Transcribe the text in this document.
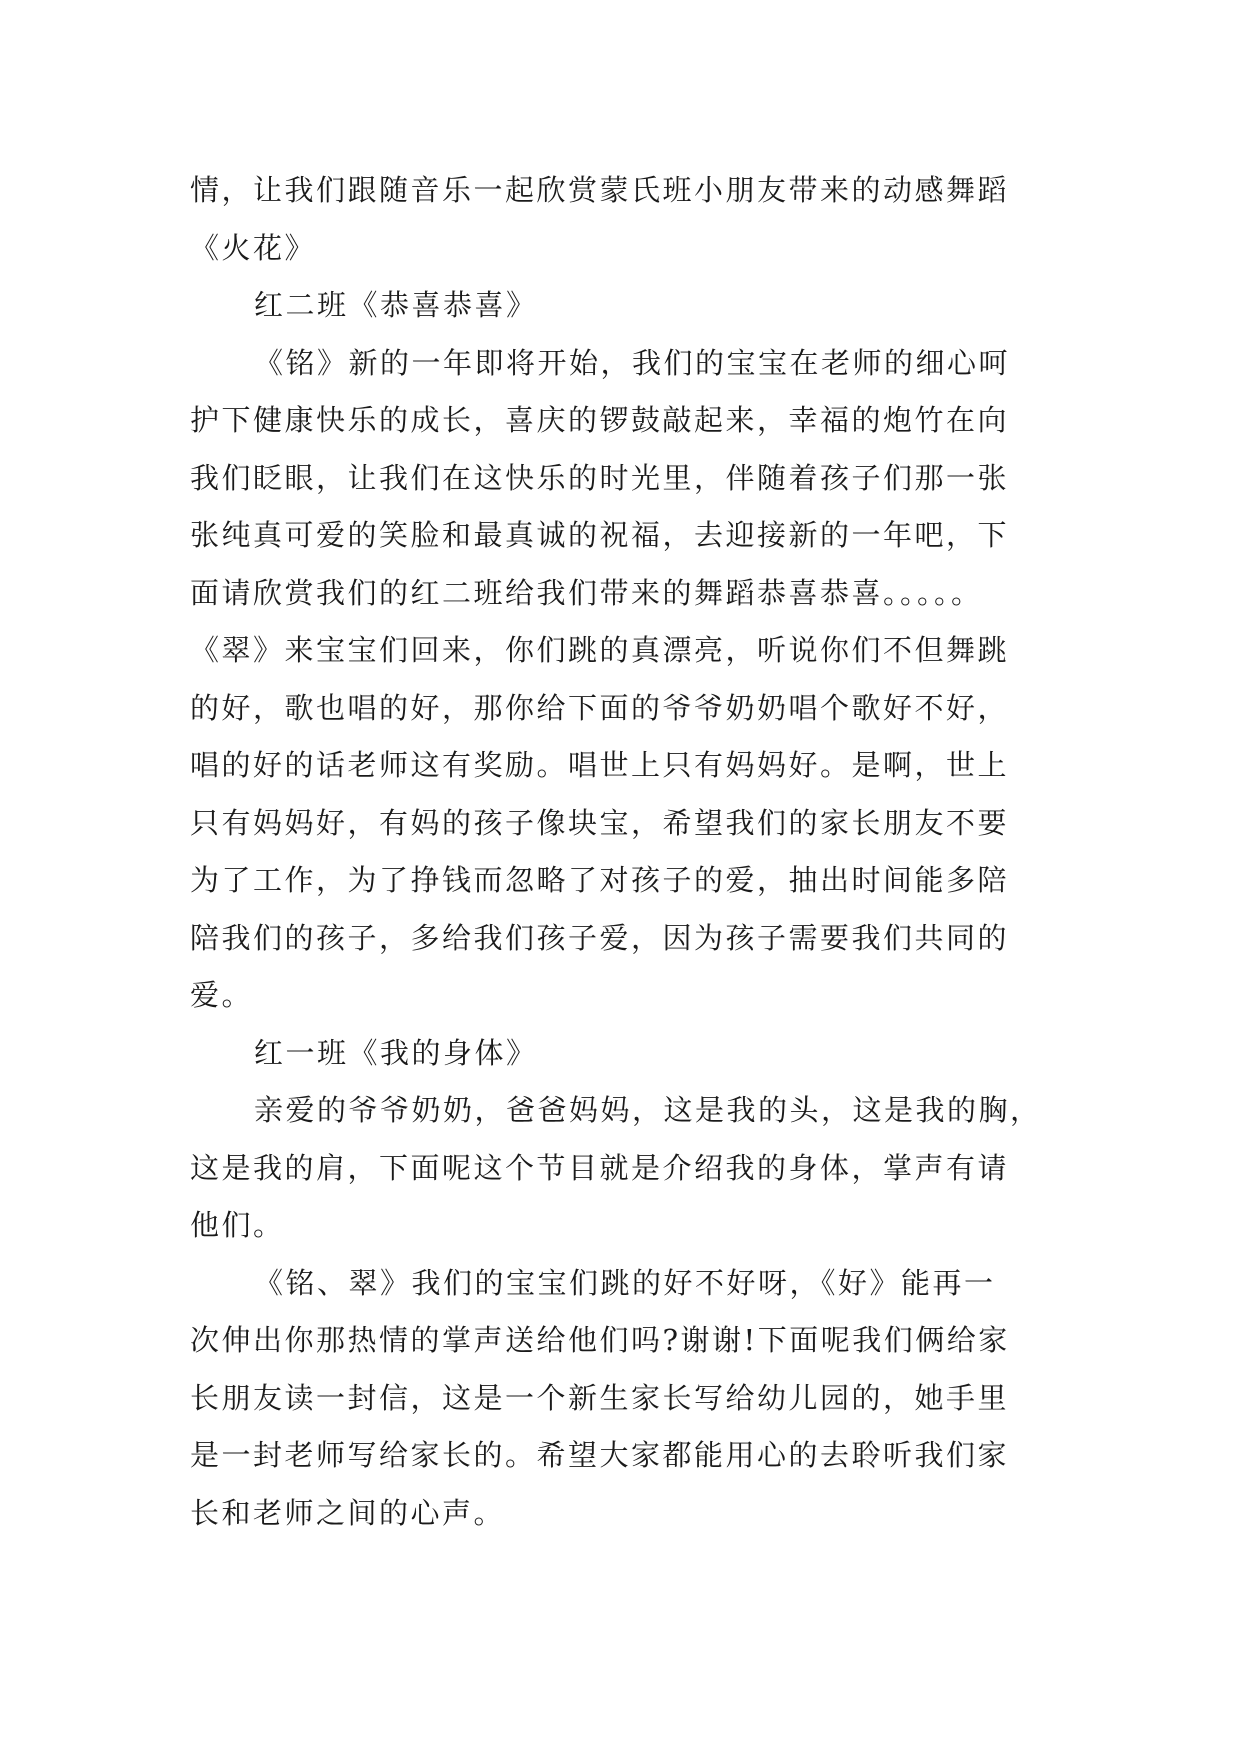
情，让我们跟随音乐一起欣赏蒙氏班小朋友带来的动感舞蹈
《火花》
红二班《恭喜恭喜》
《铭》新的一年即将开始，我们的宝宝在老师的细心呵
护下健康快乐的成长，喜庆的锣鼓敲起来，幸福的炮竹在向
我们眨眼，让我们在这快乐的时光里，伴随着孩子们那一张
张纯真可爱的笑脸和最真诚的祝福，去迎接新的一年吧，下
面请欣赏我们的红二班给我们带来的舞蹈恭喜恭喜。。。。。
《翠》来宝宝们回来，你们跳的真漂亮，听说你们不但舞跳
的好，歌也唱的好，那你给下面的爷爷奶奶唱个歌好不好，
唱的好的话老师这有奖励。唱世上只有妈妈好。是啊，世上
只有妈妈好，有妈的孩子像块宝，希望我们的家长朋友不要
为了工作，为了挣钱而忽略了对孩子的爱，抽出时间能多陪
陪我们的孩子，多给我们孩子爱，因为孩子需要我们共同的
爱。
红一班《我的身体》
亲爱的爷爷奶奶，爸爸妈妈，这是我的头，这是我的胸，
这是我的肩，下面呢这个节目就是介绍我的身体，掌声有请
他们。
《铭、翠》我们的宝宝们跳的好不好呀，《好》能再一
次伸出你那热情的掌声送给他们吗?谢谢!下面呢我们俩给家
长朋友读一封信，这是一个新生家长写给幼儿园的，她手里
是一封老师写给家长的。希望大家都能用心的去聆听我们家
长和老师之间的心声。
